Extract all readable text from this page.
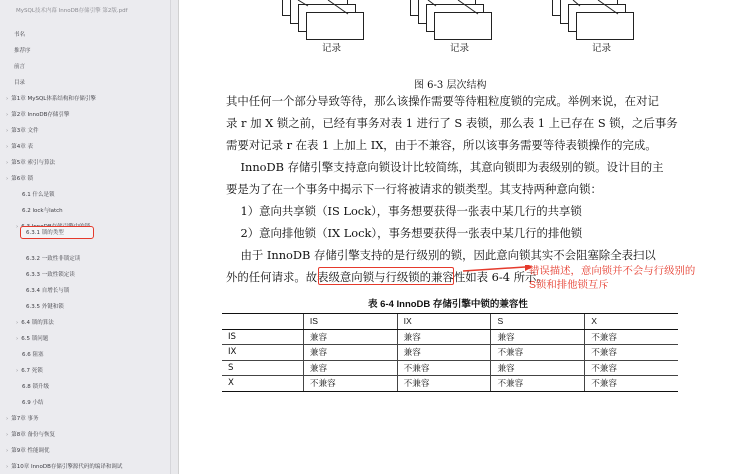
MySQL技术内幕 InnoDB存储引擎 第2版.pdf
书名
推荐序
前言
目录
› 第1章 MySQL体系结构和存储引擎
› 第2章 InnoDB存储引擎
› 第3章 文件
› 第4章 表
› 第5章 索引与算法
› 第6章 锁
6.1 什么是锁
6.2 lock与latch
›
6.3.1 锁的类型
6.3.2 一致性非锁定读
6.3.3 一致性锁定读
6.3.4 自增长与锁
6.3.5 外键和锁
› 6.4 锁的算法
› 6.5 锁问题
6.6 阻塞
› 6.7 死锁
6.8 锁升级
6.9 小结
› 第7章 事务
› 第8章 备份与恢复
› 第9章 性能调优
› 第10章 InnoDB存储引擎源代码的编译和调试
记录	记录	记录
图 6-3 层次结构
其中任何一个部分导致等待，那么该操作需要等待粗粒度锁的完成。举例来说，在对记
录 r 加 X 锁之前，已经有事务对表 1 进行了 S 表锁，那么表 1 上已存在 S 锁，之后事务
需要对记录 r 在表 1 上加上 IX，由于不兼容，所以该事务需要等待表锁操作的完成。
InnoDB 存储引擎支持意向锁设计比较简练，其意向锁即为表级别的锁。设计目的主
要是为了在一个事务中揭示下一行将被请求的锁类型。其支持两种意向锁：
1）意向共享锁（IS Lock），事务想要获得一张表中某几行的共享锁
2）意向排他锁（IX Lock），事务想要获得一张表中某几行的排他锁
由于 InnoDB 存储引擎支持的是行级别的锁，因此意向锁其实不会阻塞除全表扫以
外的任何请求。故表级意向锁与行级锁的兼容性如表 6-4 所示。
错误描述，意向锁并不会与行级别的
S锁和排他锁互斥
表 6-4 InnoDB 存储引擎中锁的兼容性
	IS	IX	S	X
IS	兼容	兼容	兼容	不兼容
IX	兼容	兼容	不兼容	不兼容
S	兼容	不兼容	兼容	不兼容
X	不兼容	不兼容	不兼容	不兼容
